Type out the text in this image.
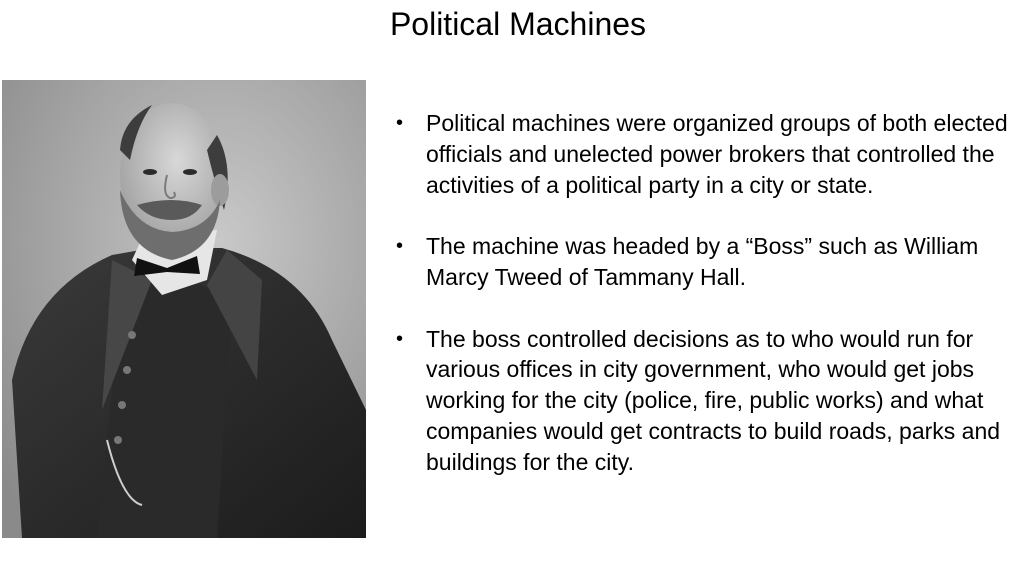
Political Machines
• Political machines were organized groups of both elected officials and unelected power brokers that controlled the activities of a political party in a city or state.
• The machine was headed by a “Boss” such as William Marcy Tweed of Tammany Hall.
• The boss controlled decisions as to who would run for various offices in city government, who would get jobs working for the city (police, fire, public works) and what companies would get contracts to build roads, parks and buildings for the city.
